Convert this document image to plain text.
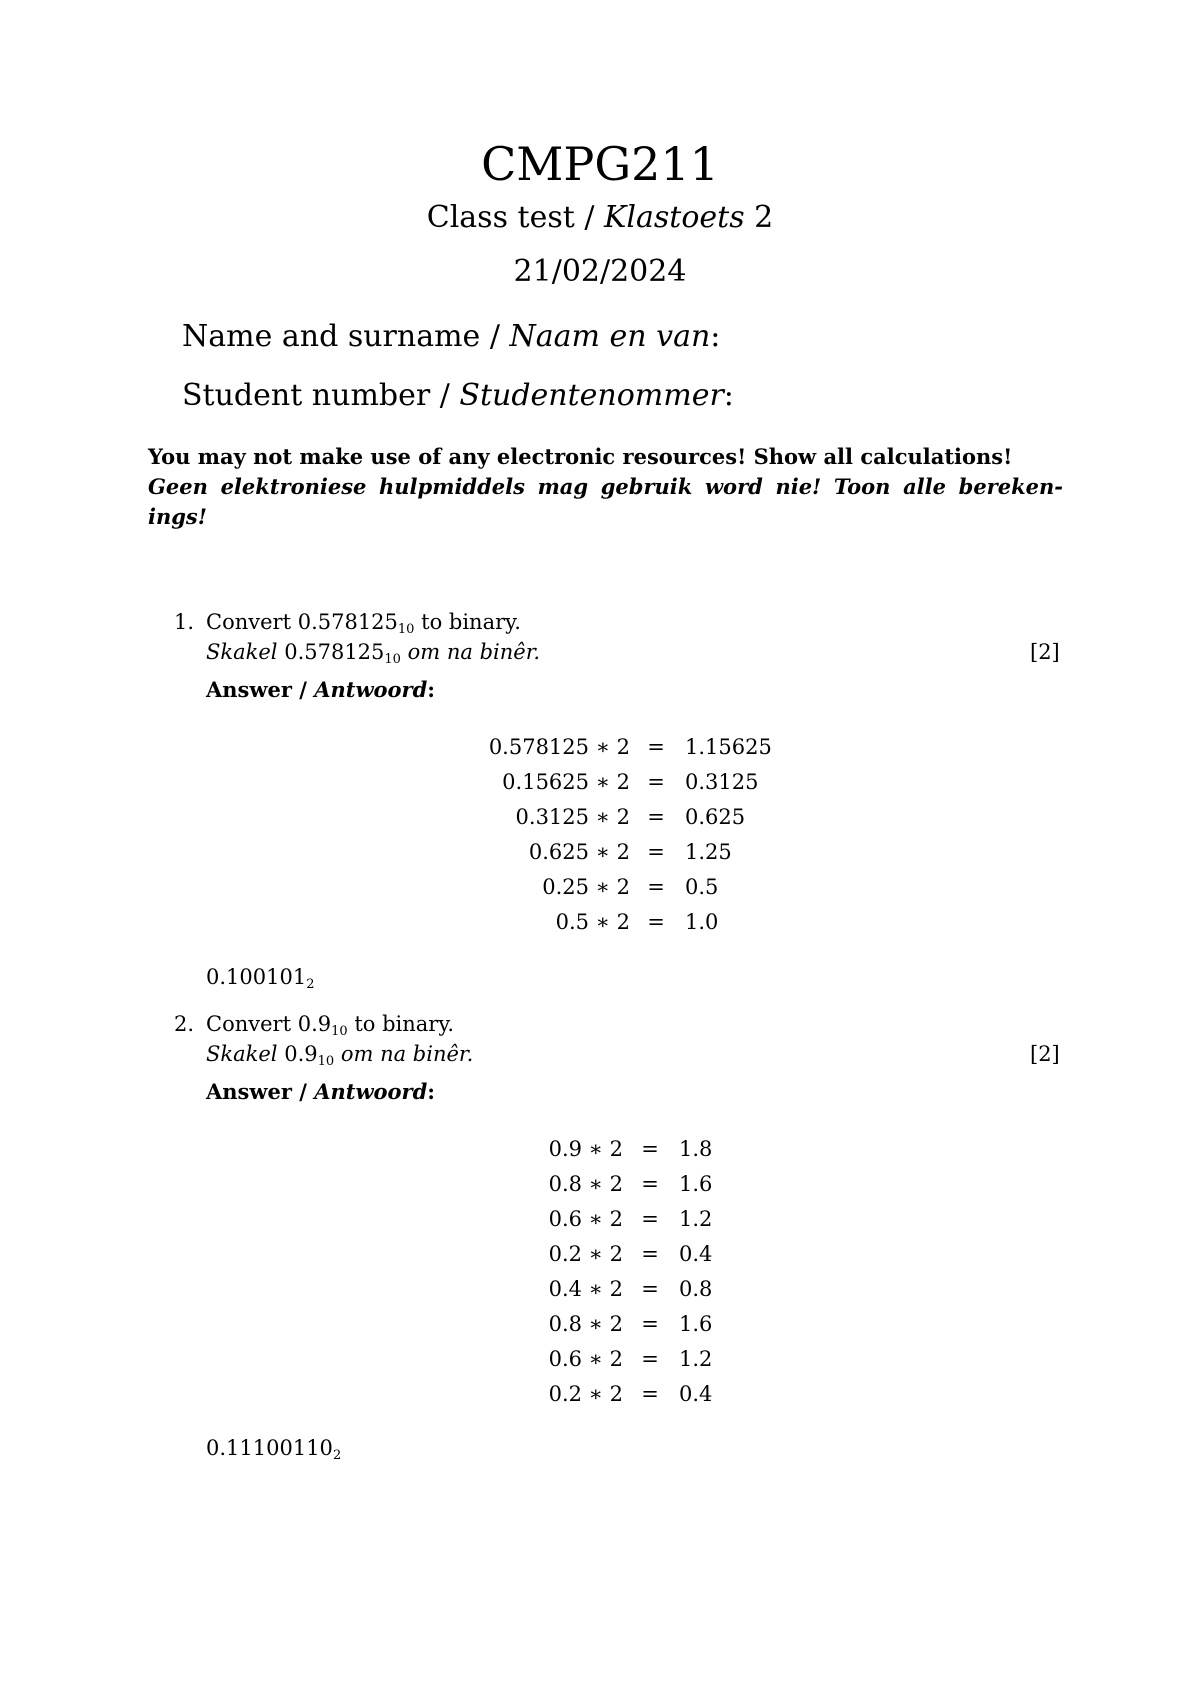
CMPG211
Class test / Klastoets 2
21/02/2024
Name and surname / Naam en van:
Student number / Studentenommer:
You may not make use of any electronic resources! Show all calculations!
Geen elektroniese hulpmiddels mag gebruik word nie! Toon alle bereken- ings!
1. Convert $0.578125_{10}$ to binary.
Skakel $0.578125_{10}$ om na binêr.	[2]
Answer / Antwoord:
0.578125 ∗ 2 = 1.15625
0.15625 ∗ 2 = 0.3125
0.3125 ∗ 2 = 0.625
0.625 ∗ 2 = 1.25
0.25 ∗ 2 = 0.5
0.5 ∗ 2 = 1.0
$0.100101_2$
2. Convert $0.9_{10}$ to binary.
Skakel $0.9_{10}$ om na binêr.	[2]
Answer / Antwoord:
0.9 ∗ 2 = 1.8
0.8 ∗ 2 = 1.6
0.6 ∗ 2 = 1.2
0.2 ∗ 2 = 0.4
0.4 ∗ 2 = 0.8
0.8 ∗ 2 = 1.6
0.6 ∗ 2 = 1.2
0.2 ∗ 2 = 0.4
$0.11100110_2$
